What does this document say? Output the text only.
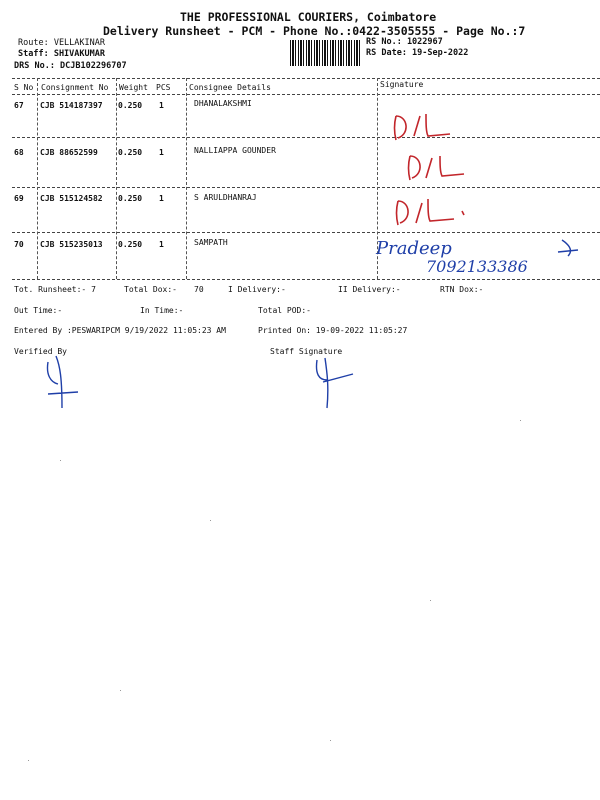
THE PROFESSIONAL COURIERS, Coimbatore
Delivery Runsheet - PCM - Phone No.:0422-3505555 - Page No.:7
Route: VELLAKINAR
Staff: SHIVAKUMAR
DRS No.: DCJB102296707
RS No.: 1022967
RS Date: 19-Sep-2022
S No Consignment No Weight PCS Consignee Details	Signature
67 CJB 514187397 0.250 1	DHANALAKSHMI
68 CJB 88652599	0.250 1	NALLIAPPA GOUNDER
69 CJB 515124582 0.250 1	S ARULDHANRAJ
70 CJB 515235013 0.250 1	SAMPATH	Pradeep
7092133386
Tot. Runsheet:- 7	Total Dox:- 70	I Delivery:-	II Delivery:-	RTN Dox:-
Out Time:-	In Time:-	Total POD:-
Entered By :PESWARIPCM 9/19/2022 11:05:23 AM	Printed On: 19-09-2022 11:05:27
Verified By	Staff Signature
